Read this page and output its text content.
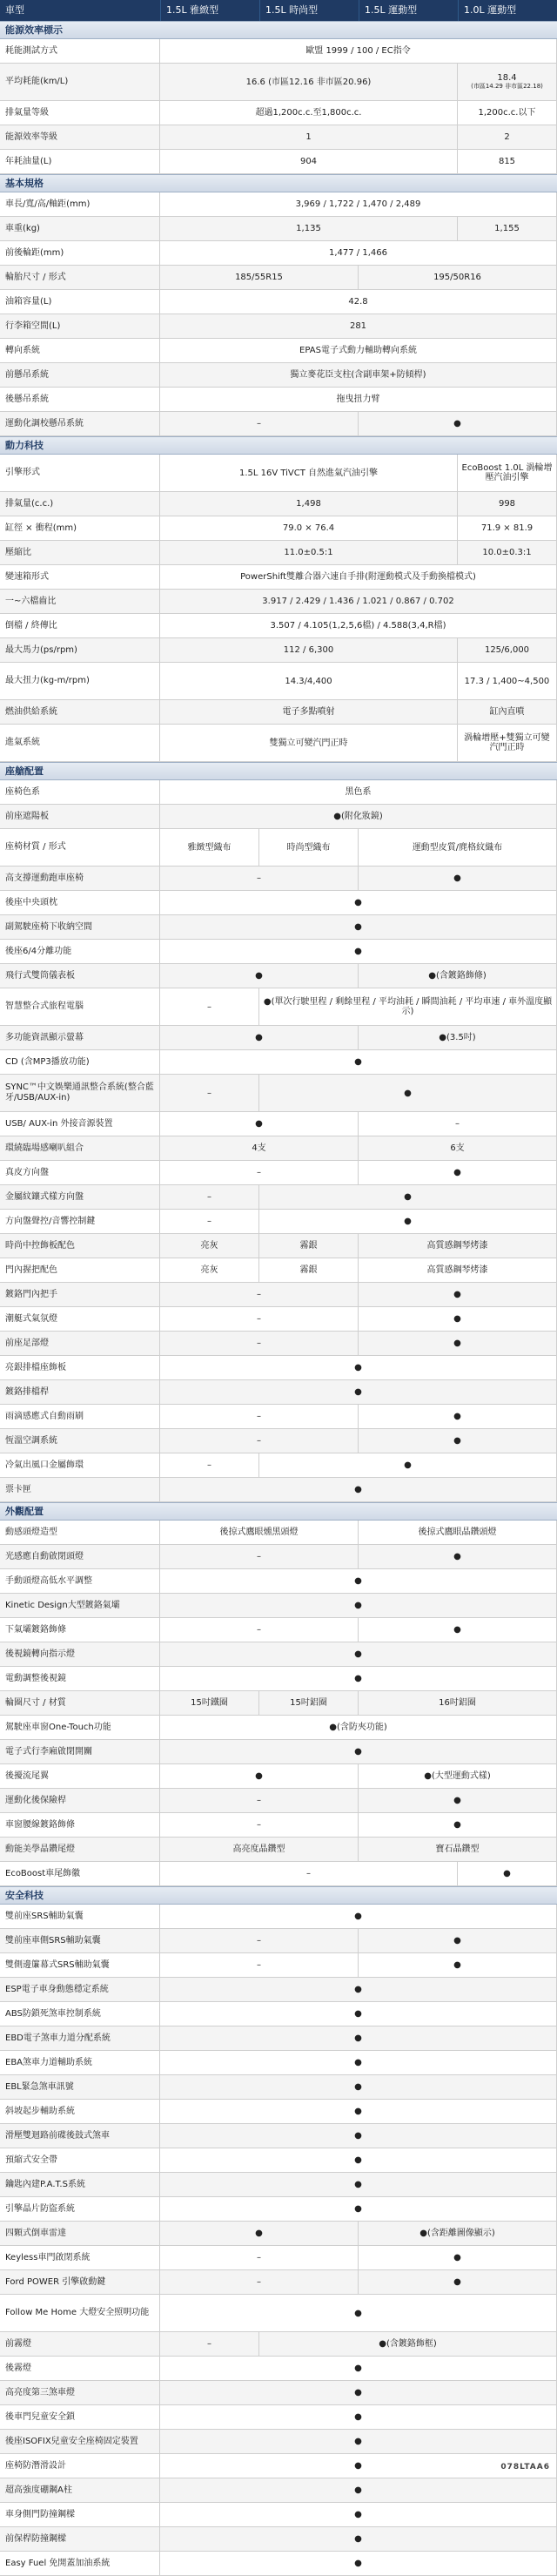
車型	1.5L 雅緻型	1.5L 時尚型	1.5L 運動型	1.0L 運動型
能源效率標示
耗能測試方式	歐盟 1999 / 100 / EC指令
平均耗能(km/L)	16.6 (市區12.16 非市區20.96)	18.4
(市區14.29 非市區22.18)
排氣量等級	超過1,200c.c.至1,800c.c.	1,200c.c.以下
能源效率等級	1	2
年耗油量(L)	904	815
基本規格
車長/寬/高/軸距(mm)	3,969 / 1,722 / 1,470 / 2,489
車重(kg)	1,135	1,155
前後輪距(mm)	1,477 / 1,466
輪胎尺寸 / 形式	185/55R15	195/50R16
油箱容量(L)	42.8
行李箱空間(L)	281
轉向系統	EPAS電子式動力輔助轉向系統
前懸吊系統	獨立麥花臣支柱(含副車架+防傾桿)
後懸吊系統	拖曳扭力臂
運動化調校懸吊系統	–	●
動力科技
引擎形式	1.5L 16V TiVCT 自然進氣汽油引擎	EcoBoost 1.0L 渦輪增壓汽油引擎
排氣量(c.c.)	1,498	998
缸徑 × 衝程(mm)	79.0 × 76.4	71.9 × 81.9
壓縮比	11.0±0.5:1	10.0±0.3:1
變速箱形式	PowerShift雙離合器六速自手排(附運動模式及手動換檔模式)
一~六檔齒比	3.917 / 2.429 / 1.436 / 1.021 / 0.867 / 0.702
倒檔 / 終傳比	3.507 / 4.105(1,2,5,6檔) / 4.588(3,4,R檔)
最大馬力(ps/rpm)	112 / 6,300	125/6,000
最大扭力(kg-m/rpm)	14.3/4,400	17.3 / 1,400~4,500
燃油供給系統	電子多點噴射	缸內直噴
進氣系統	雙獨立可變汽門正時	渦輪增壓+雙獨立可變汽門正時
座艙配置
座椅色系	黑色系
前座遮陽板	●(附化妝鏡)
座椅材質 / 形式	雅緻型織布	時尚型織布	運動型皮質/麂格紋織布
高支撐運動跑車座椅	–	●
後座中央頭枕	●
副駕駛座椅下收納空間	●
後座6/4分離功能	●
飛行式雙筒儀表板	●	●(含鍍鉻飾條)
智慧整合式旅程電腦	–	●(單次行駛里程 / 剩餘里程 / 平均油耗 / 瞬間油耗 / 平均車速 / 車外溫度顯示)
多功能資訊顯示螢幕	●	●(3.5吋)
CD (含MP3播放功能)	●
SYNC™中文娛樂通訊整合系統(整合藍牙/USB/AUX-in)	–	●
USB/ AUX-in 外接音源裝置	●	–
環繞臨場感喇叭組合	4支	6支
真皮方向盤	–	●
金屬紋鑲式樣方向盤	–	●
方向盤聲控/音響控制鍵	–	●
時尚中控飾板配色	亮灰	霧銀	高質感鋼琴烤漆
門內握把配色	亮灰	霧銀	高質感鋼琴烤漆
鍍鉻門內把手	–	●
潮艇式氣氛燈	–	●
前座足部燈	–	●
亮銀排檔座飾板	●
鍍鉻排檔桿	●
雨滴感應式自動雨刷	–	●
恆溫空調系統	–	●
冷氣出風口金屬飾環	–	●
票卡匣	●
外觀配置
動感頭燈造型	後掠式鷹眼燻黑頭燈	後掠式鷹眼晶鑽頭燈
光感應自動啟閉頭燈	–	●
手動頭燈高低水平調整	●
Kinetic Design大型鍍鉻氣壩	●
下氣壩鍍鉻飾條	–	●
後視鏡轉向指示燈	●
電動調整後視鏡	●
輪圈尺寸 / 材質	15吋鐵圈	15吋鋁圈	16吋鋁圈
駕駛座車窗One-Touch功能	●(含防夾功能)
電子式行李廂啟閉開關	●
後擾流尾翼	●	●(大型運動式樣)
運動化後保險桿	–	●
車窗腰線鍍鉻飾條	–	●
動能美學晶鑽尾燈	高亮度晶鑽型	寶石晶鑽型
EcoBoost車尾飾徽	–	●
安全科技
雙前座SRS輔助氣囊	●
雙前座車側SRS輔助氣囊	–	●
雙側邊簾幕式SRS輔助氣囊	–	●
ESP電子車身動態穩定系統	●
ABS防鎖死煞車控制系統	●
EBD電子煞車力道分配系統	●
EBA煞車力道輔助系統	●
EBL緊急煞車訊號	●
斜坡起步輔助系統	●
滑壓雙迴路前碟後鼓式煞車	●
預縮式安全帶	●
鑰匙內建P.A.T.S系統	●
引擎晶片防盜系統	●
四顆式倒車雷達	●	●(含距離圖像顯示)
Keyless車門啟閉系統	–	●
Ford POWER 引擎啟動鍵	–	●
Follow Me Home 大燈安全照明功能	●
前霧燈	–	●(含鍍鉻飾框)
後霧燈	●
高亮度第三煞車燈	●
後車門兒童安全鎖	●
後座ISOFIX兒童安全座椅固定裝置	●
座椅防潛滑設計	●
超高強度硼鋼A柱	●
車身側門防撞鋼樑	●
前保桿防撞鋼樑	●
Easy Fuel 免開蓋加油系統	●
078LTAA6
